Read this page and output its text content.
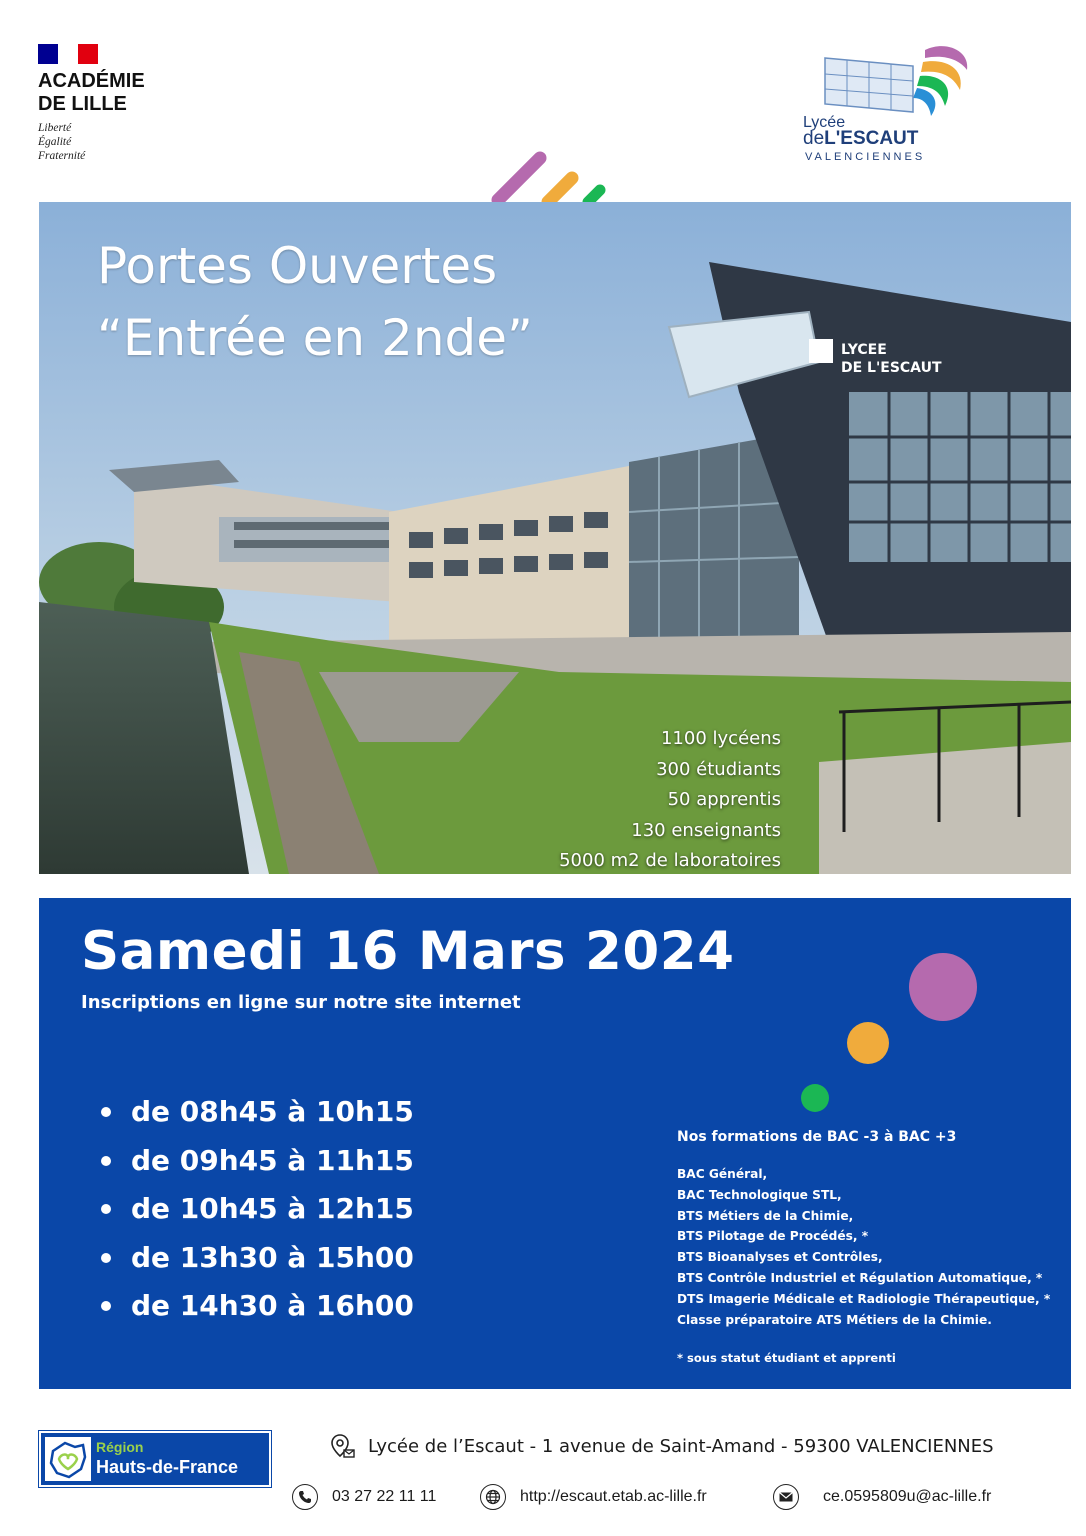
ACADÉMIE
DE LILLE
Liberté
Égalité
Fraternité
Lycée
deL'ESCAUT
VALENCIENNES
LYCEE
DE L'ESCAUT
Portes Ouvertes
“Entrée en 2nde”
1100 lycéens
300 étudiants
50 apprentis
130 enseignants
5000 m2 de laboratoires
Samedi 16 Mars 2024
Inscriptions en ligne sur notre site internet
de 08h45 à 10h15
de 09h45 à 11h15
de 10h45 à 12h15
de 13h30 à 15h00
de 14h30 à 16h00
Nos formations de BAC -3 à BAC +3
BAC Général,
BAC Technologique STL,
BTS Métiers de la Chimie,
BTS Pilotage de Procédés, *
BTS Bioanalyses et Contrôles,
BTS Contrôle Industriel et Régulation Automatique, *
DTS Imagerie Médicale et Radiologie Thérapeutique, *
Classe préparatoire ATS Métiers de la Chimie.
* sous statut étudiant et apprenti
Région
Hauts-de-France
Lycée de l’Escaut - 1 avenue de Saint-Amand - 59300 VALENCIENNES
03 27 22 11 11	http://escaut.etab.ac-lille.fr	ce.0595809u@ac-lille.fr
